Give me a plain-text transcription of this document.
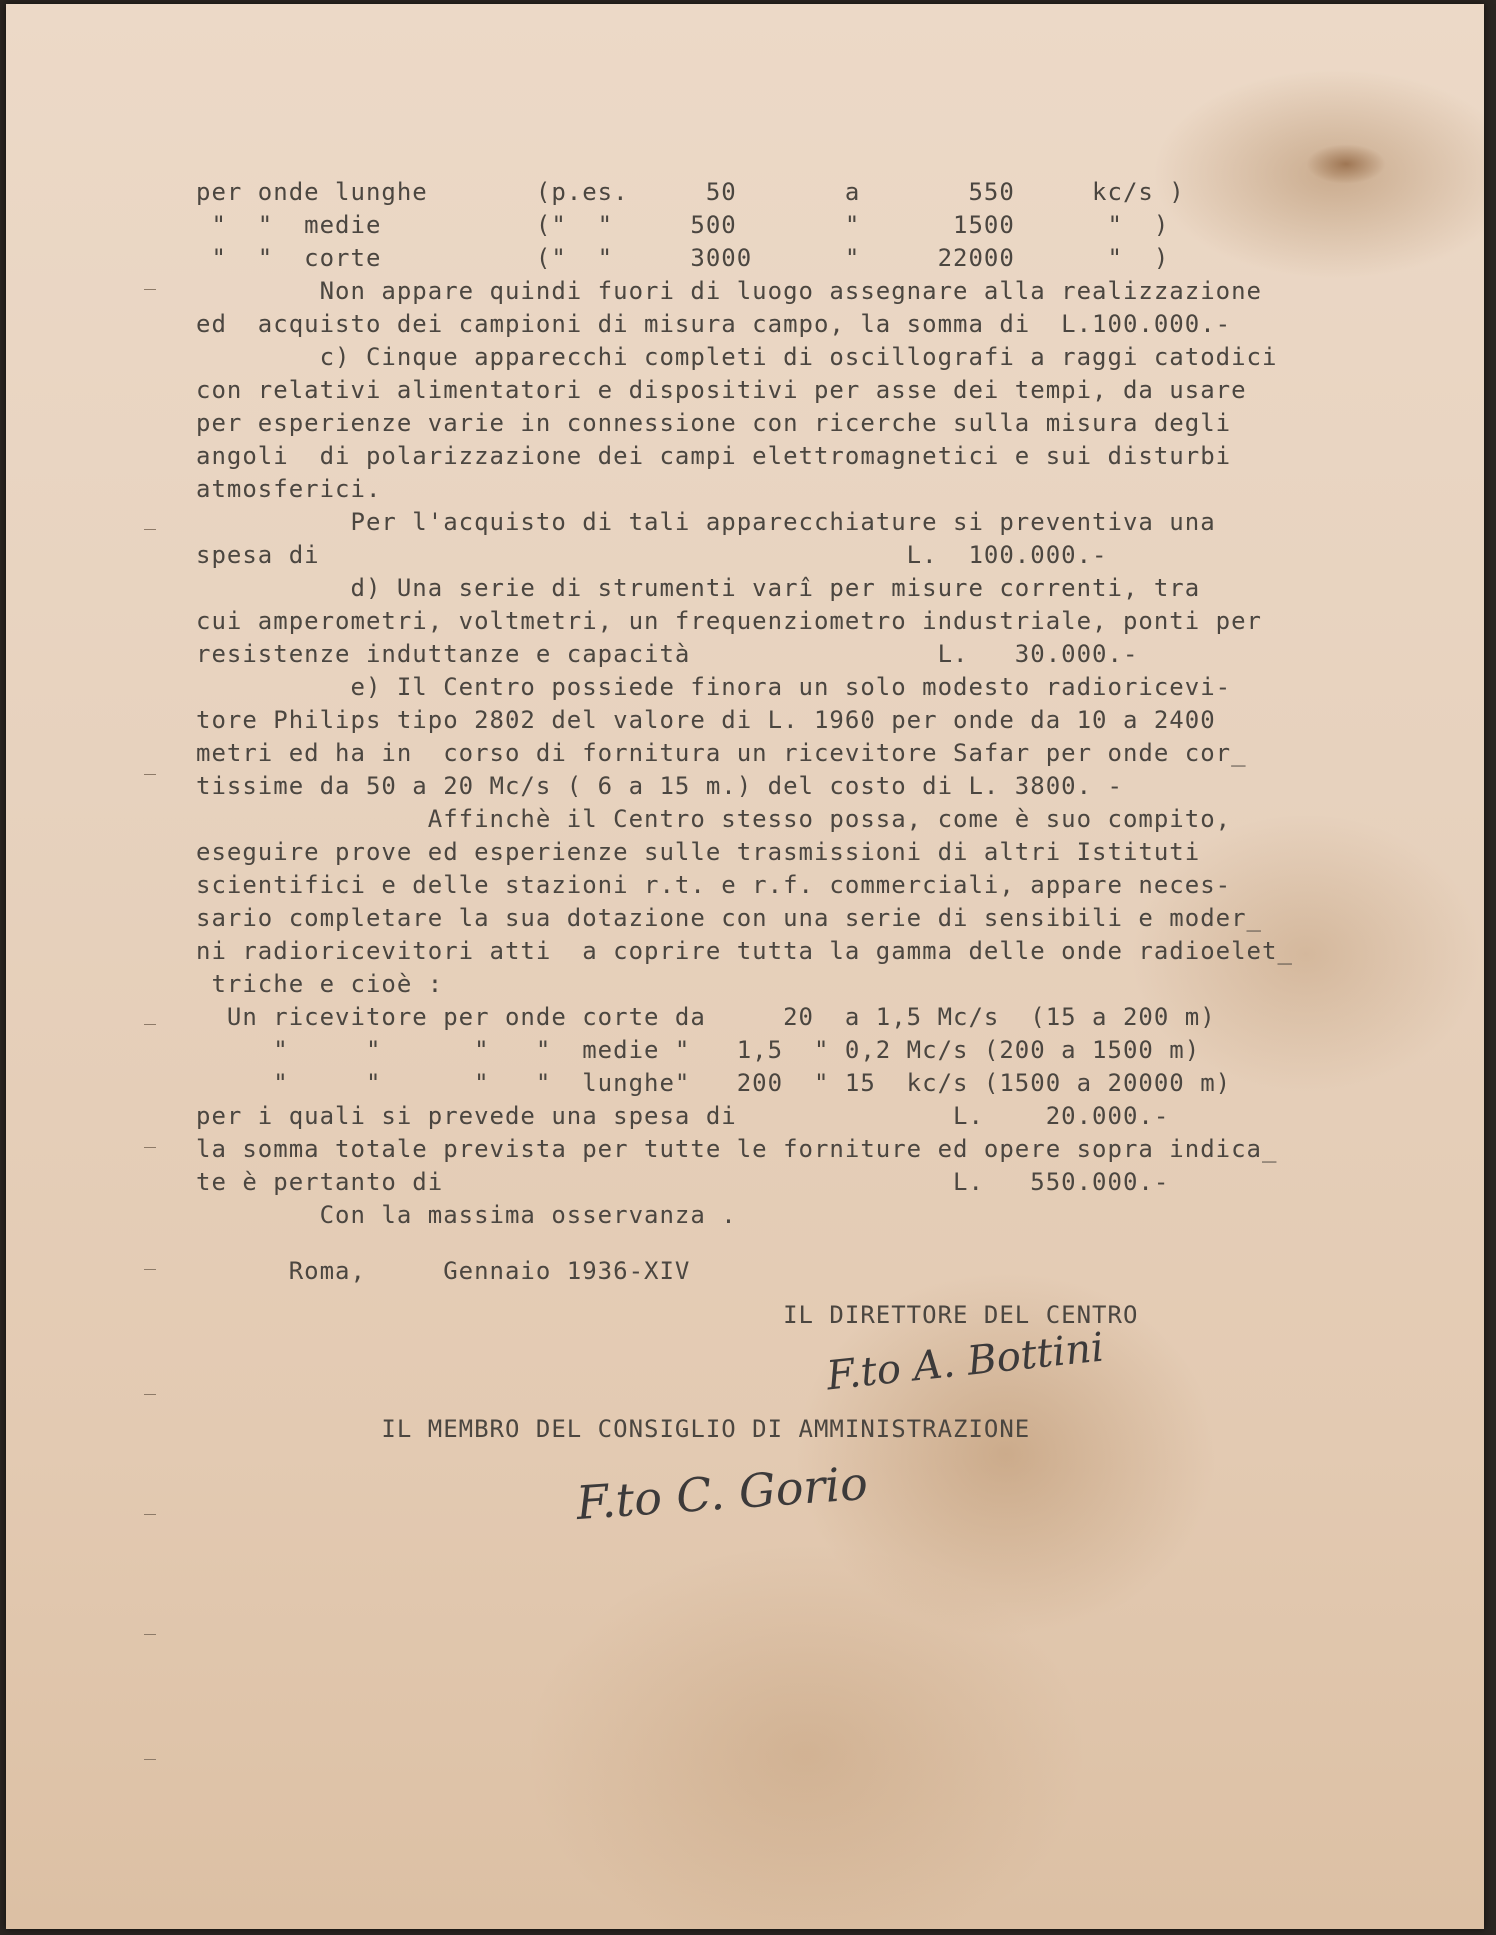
per onde lunghe       (p.es.     50       a       550     kc/s )

"  "  medie          ("  "     500       "      1500      "  )

"  "  corte          ("  "     3000      "     22000      "  )

Non appare quindi fuori di luogo assegnare alla realizzazione

ed  acquisto dei campioni di misura campo, la somma di  L.100.000.-

c) Cinque apparecchi completi di oscillografi a raggi catodici

con relativi alimentatori e dispositivi per asse dei tempi, da usare

per esperienze varie in connessione con ricerche sulla misura degli

angoli  di polarizzazione dei campi elettromagnetici e sui disturbi

atmosferici.

Per l'acquisto di tali apparecchiature si preventiva una

spesa di                                      L.  100.000.-

d) Una serie di strumenti varî per misure correnti, tra

cui amperometri, voltmetri, un frequenziometro industriale, ponti per

resistenze induttanze e capacità                L.   30.000.-

e) Il Centro possiede finora un solo modesto radioricevi-

tore Philips tipo 2802 del valore di L. 1960 per onde da 10 a 2400

metri ed ha in  corso di fornitura un ricevitore Safar per onde cor_

tissime da 50 a 20 Mc/s ( 6 a 15 m.) del costo di L. 3800. -

Affinchè il Centro stesso possa, come è suo compito,

eseguire prove ed esperienze sulle trasmissioni di altri Istituti

scientifici e delle stazioni r.t. e r.f. commerciali, appare neces-

sario completare la sua dotazione con una serie di sensibili e moder_

ni radioricevitori atti  a coprire tutta la gamma delle onde radioelet_

triche e cioè :

Un ricevitore per onde corte da     20  a 1,5 Mc/s  (15 a 200 m)

"     "      "   "  medie "   1,5  " 0,2 Mc/s (200 a 1500 m)

"     "      "   "  lunghe"   200  " 15  kc/s (1500 a 20000 m)

per i quali si prevede una spesa di              L.    20.000.-

la somma totale prevista per tutte le forniture ed opere sopra indica_

te è pertanto di                                 L.   550.000.-

Con la massima osservanza .

Roma,     Gennaio 1936-XIV

IL DIRETTORE DEL CENTRO

F.to A. Bottini

IL MEMBRO DEL CONSIGLIO DI AMMINISTRAZIONE

F.to C. Gorio
